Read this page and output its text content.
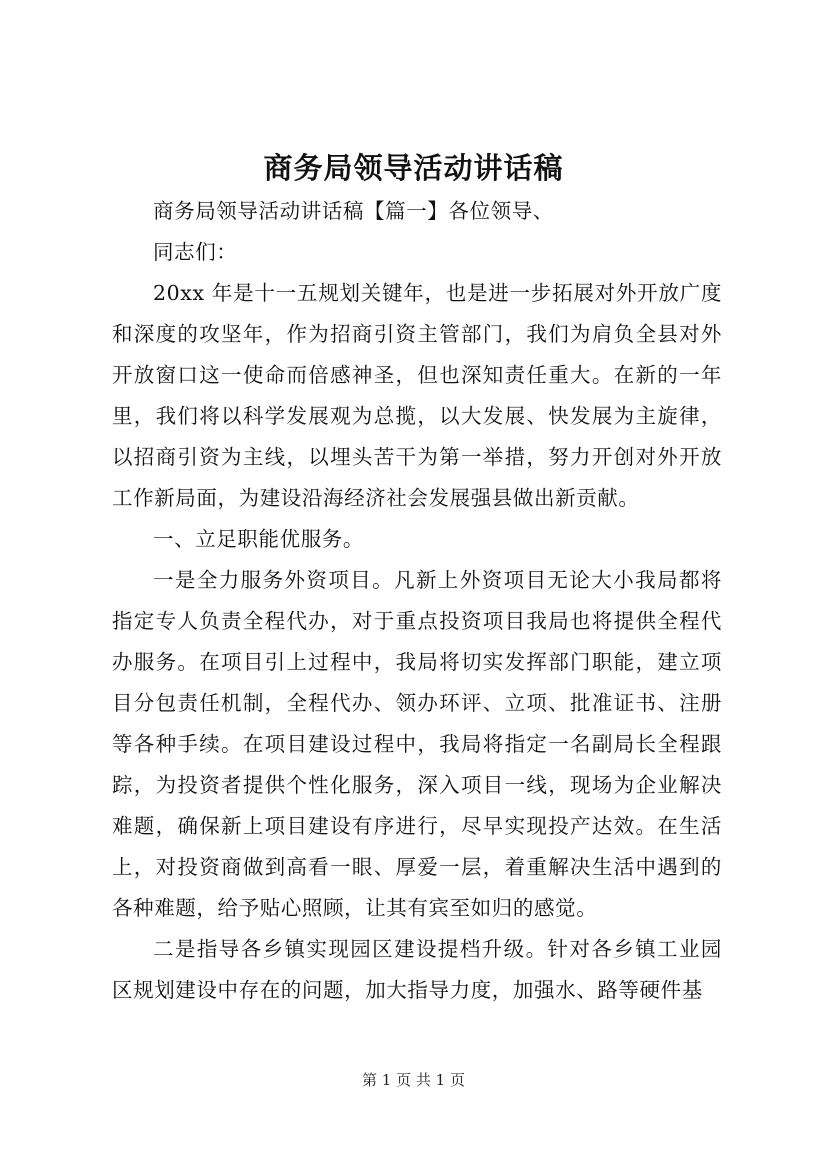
商务局领导活动讲话稿

商务局领导活动讲话稿【篇一】各位领导、

同志们：

20xx 年是十一五规划关键年，也是进一步拓展对外开放广度和深度的攻坚年，作为招商引资主管部门，我们为肩负全县对外开放窗口这一使命而倍感神圣，但也深知责任重大。在新的一年里，我们将以科学发展观为总揽，以大发展、快发展为主旋律，以招商引资为主线，以埋头苦干为第一举措，努力开创对外开放工作新局面，为建设沿海经济社会发展强县做出新贡献。

一、立足职能优服务。

一是全力服务外资项目。凡新上外资项目无论大小我局都将指定专人负责全程代办，对于重点投资项目我局也将提供全程代办服务。在项目引上过程中，我局将切实发挥部门职能，建立项目分包责任机制，全程代办、领办环评、立项、批准证书、注册等各种手续。在项目建设过程中，我局将指定一名副局长全程跟踪，为投资者提供个性化服务，深入项目一线，现场为企业解决难题，确保新上项目建设有序进行，尽早实现投产达效。在生活上，对投资商做到高看一眼、厚爱一层，着重解决生活中遇到的各种难题，给予贴心照顾，让其有宾至如归的感觉。

二是指导各乡镇实现园区建设提档升级。针对各乡镇工业园区规划建设中存在的问题，加大指导力度，加强水、路等硬件基

第 1 页 共 1 页
